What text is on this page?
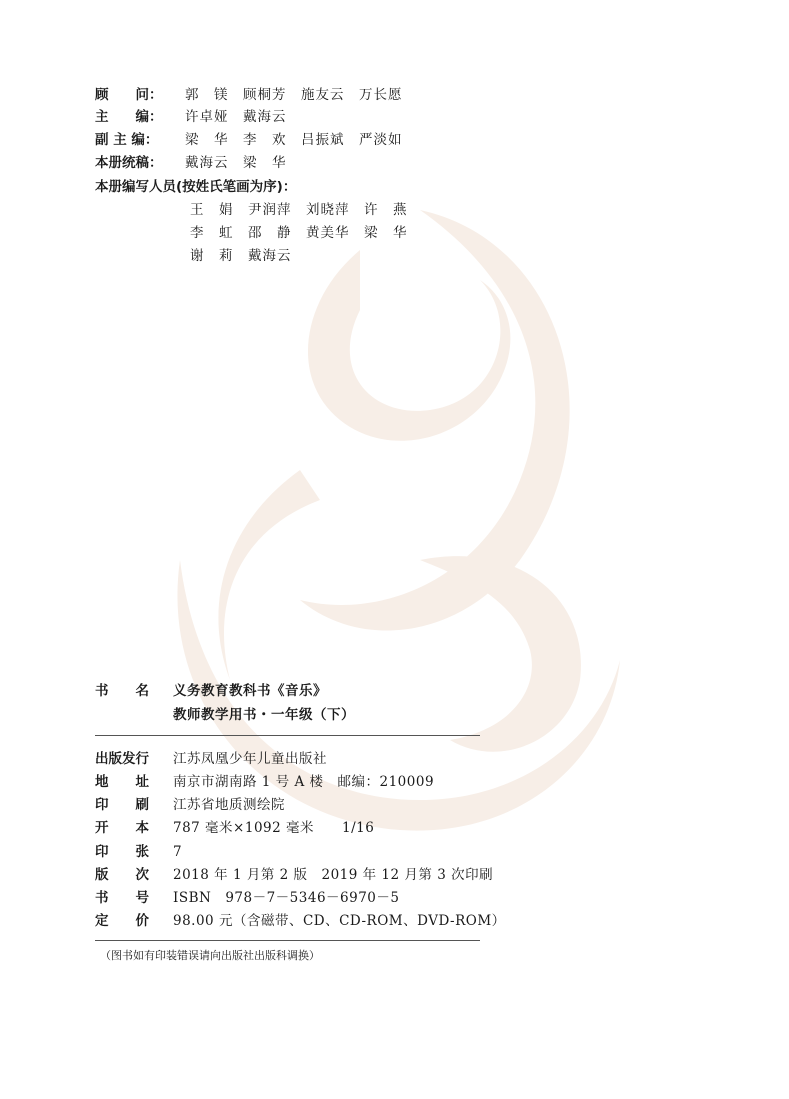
顾　　问： 郭　镁　顾桐芳　施友云　万长愿
主　　编： 许卓娅　戴海云
副 主 编： 梁　华　李　欢　吕振斌　严淡如
本册统稿： 戴海云　梁　华
本册编写人员(按姓氏笔画为序)：
王　娟　尹润萍　刘晓萍　许　燕
李　虹　邵　静　黄美华　梁　华
谢　莉　戴海云
书　　名 义务教育教科书《音乐》
教师教学用书・一年级（下）
出版发行 江苏凤凰少年儿童出版社
地　　址 南京市湖南路 1 号 A 楼　邮编：210009
印　　刷 江苏省地质测绘院
开　　本 787 毫米×1092 毫米　　1/16
印　　张 7
版　　次 2018 年 1 月第 2 版　2019 年 12 月第 3 次印刷
书　　号 ISBN　978－7－5346－6970－5
定　　价 98.00 元（含磁带、CD、CD-ROM、DVD-ROM）
（图书如有印装错误请向出版社出版科调换）
